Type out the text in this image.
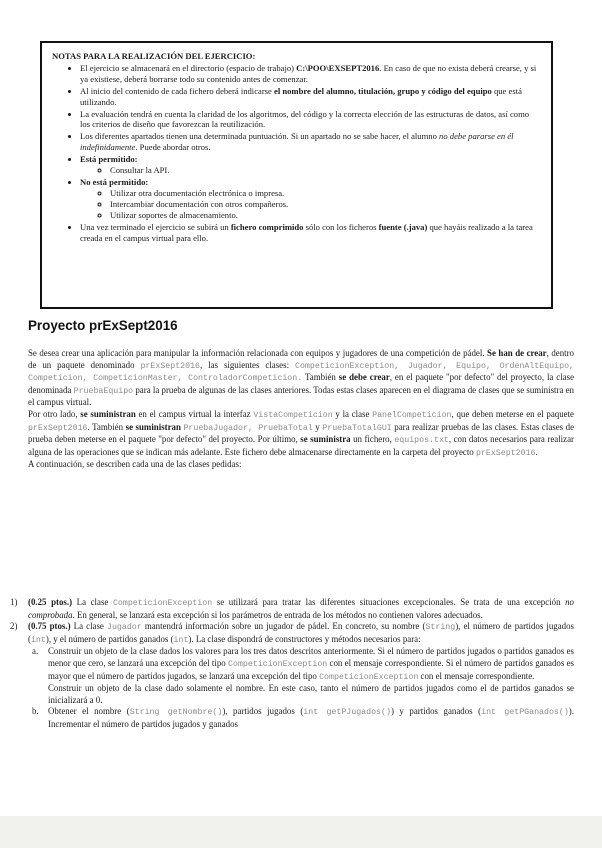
NOTAS PARA LA REALIZACIÓN DEL EJERCICIO:
• El ejercicio se almacenará en el directorio (espacio de trabajo) C:\POO\EXSEPT2016. En caso de que no exista deberá crearse, y si ya existiese, deberá borrarse todo su contenido antes de comenzar.
• Al inicio del contenido de cada fichero deberá indicarse el nombre del alumno, titulación, grupo y código del equipo que está utilizando.
• La evaluación tendrá en cuenta la claridad de los algoritmos, del código y la correcta elección de las estructuras de datos, así como los criterios de diseño que favorezcan la reutilización.
• Los diferentes apartados tienen una determinada puntuación. Si un apartado no se sabe hacer, el alumno no debe pararse en él indefinidamente. Puede abordar otros.
• Está permitido:
◦ Consultar la API.
• No está permitido:
◦ Utilizar otra documentación electrónica o impresa.
◦ Intercambiar documentación con otros compañeros.
◦ Utilizar soportes de almacenamiento.
• Una vez terminado el ejercicio se subirá un fichero comprimido sólo con los ficheros fuente (.java) que hayáis realizado a la tarea creada en el campus virtual para ello.
Proyecto prExSept2016

Se desea crear una aplicación para manipular la información relacionada con equipos y jugadores de una competición de pádel. Se han de crear, dentro de un paquete denominado prExSept2016, las siguientes clases: CompeticionException, Jugador, Equipo, OrdenAltEquipo, Competicion, CompeticionMaster, ControladorCompeticion. También se debe crear, en el paquete "por defecto" del proyecto, la clase denominada PruebaEquipo para la prueba de algunas de las clases anteriores. Todas estas clases aparecen en el diagrama de clases que se suministra en el campus virtual.

Por otro lado, se suministran en el campus virtual la interfaz VistaCompeticion y la clase PanelCompeticion, que deben meterse en el paquete prExSept2016. También se suministran PruebaJugador, PruebaTotal y PruebaTotalGUI para realizar pruebas de las clases. Estas clases de prueba deben meterse en el paquete "por defecto" del proyecto. Por último, se suministra un fichero, equipos.txt, con datos necesarios para realizar alguna de las operaciones que se indican más adelante. Este fichero debe almacenarse directamente en la carpeta del proyecto prExSept2016.

A continuación, se describen cada una de las clases pedidas:

1) (0.25 ptos.) La clase CompeticionException se utilizará para tratar las diferentes situaciones excepcionales. Se trata de una excepción no comprobada. En general, se lanzará esta excepción si los parámetros de entrada de los métodos no contienen valores adecuados.
2) (0.75 ptos.) La clase Jugador mantendrá información sobre un jugador de pádel. En concreto, su nombre (String), el número de partidos jugados (int), y el número de partidos ganados (int). La clase dispondrá de constructores y métodos necesarios para:
a. Construir un objeto de la clase dados los valores para los tres datos descritos anteriormente. Si el número de partidos jugados o partidos ganados es menor que cero, se lanzará una excepción del tipo CompeticionException con el mensaje correspondiente. Si el número de partidos ganados es mayor que el número de partidos jugados, se lanzará una excepción del tipo CompeticionException con el mensaje correspondiente.

Construir un objeto de la clase dado solamente el nombre. En este caso, tanto el número de partidos jugados como el de partidos ganados se inicializará a 0.

b. Obtener el nombre (String getNombre()), partidos jugados (int getPJugados()) y partidos ganados (int getPGanados()). Incrementar el número de partidos jugados y ganados
